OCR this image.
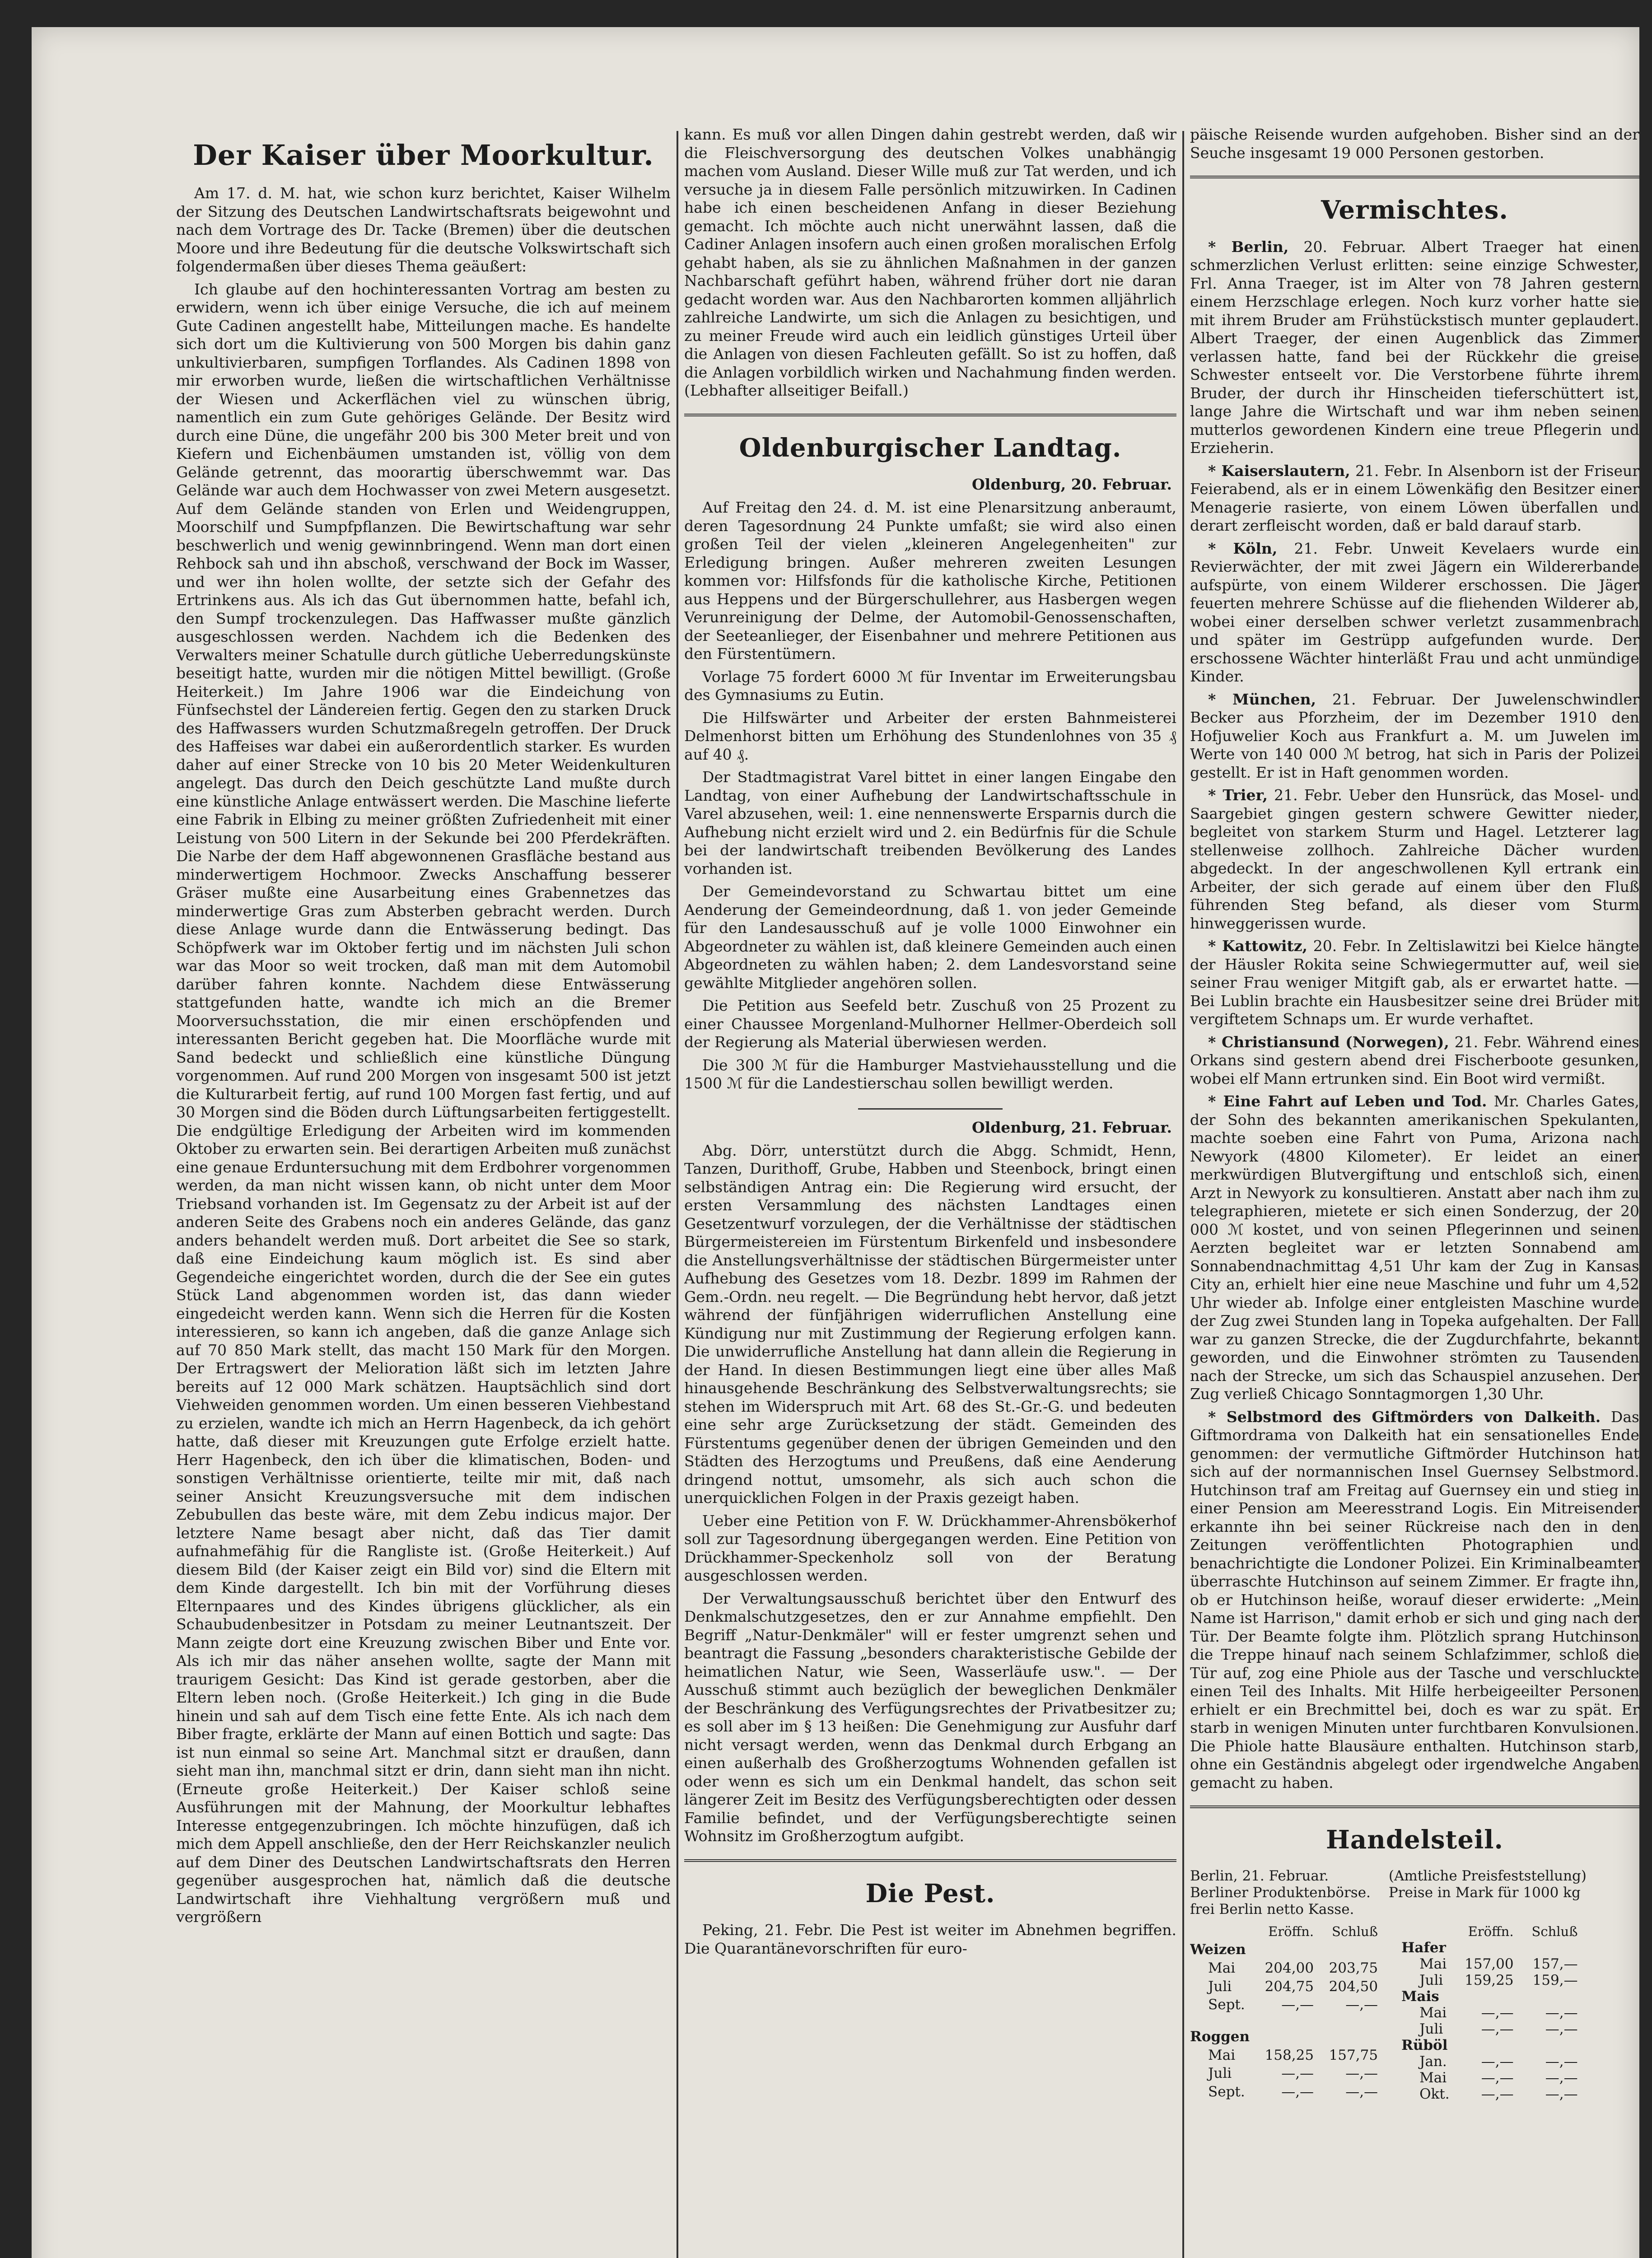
Der Kaiser über Moorkultur.

Am 17. d. M. hat, wie schon kurz berichtet, Kaiser Wilhelm der Sitzung des Deutschen Landwirtschaftsrats beigewohnt und nach dem Vortrage des Dr. Tacke (Bremen) über die deutschen Moore und ihre Bedeutung für die deutsche Volkswirtschaft sich folgendermaßen über dieses Thema geäußert:

Ich glaube auf den hochinteressanten Vortrag am besten zu erwidern, wenn ich über einige Versuche, die ich auf meinem Gute Cadinen angestellt habe, Mitteilungen mache. Es handelte sich dort um die Kultivierung von 500 Morgen bis dahin ganz unkultivierbaren, sumpfigen Torflandes. Als Cadinen 1898 von mir erworben wurde, ließen die wirtschaftlichen Verhältnisse der Wiesen und Ackerflächen viel zu wünschen übrig, namentlich ein zum Gute gehöriges Gelände. Der Besitz wird durch eine Düne, die ungefähr 200 bis 300 Meter breit und von Kiefern und Eichenbäumen umstanden ist, völlig von dem Gelände getrennt, das moorartig überschwemmt war. Das Gelände war auch dem Hochwasser von zwei Metern ausgesetzt. Auf dem Gelände standen von Erlen und Weidengruppen, Moorschilf und Sumpfpflanzen. Die Bewirtschaftung war sehr beschwerlich und wenig gewinnbringend. Wenn man dort einen Rehbock sah und ihn abschoß, verschwand der Bock im Wasser, und wer ihn holen wollte, der setzte sich der Gefahr des Ertrinkens aus. Als ich das Gut übernommen hatte, befahl ich, den Sumpf trockenzulegen. Das Haffwasser mußte gänzlich ausgeschlossen werden. Nachdem ich die Bedenken des Verwalters meiner Schatulle durch gütliche Ueberredungskünste beseitigt hatte, wurden mir die nötigen Mittel bewilligt. (Große Heiterkeit.) Im Jahre 1906 war die Eindeichung von Fünfsechstel der Ländereien fertig. Gegen den zu starken Druck des Haffwassers wurden Schutzmaßregeln getroffen. Der Druck des Haffeises war dabei ein außerordentlich starker. Es wurden daher auf einer Strecke von 10 bis 20 Meter Weidenkulturen angelegt. Das durch den Deich geschützte Land mußte durch eine künstliche Anlage entwässert werden. Die Maschine lieferte eine Fabrik in Elbing zu meiner größten Zufriedenheit mit einer Leistung von 500 Litern in der Sekunde bei 200 Pferdekräften. Die Narbe der dem Haff abgewonnenen Grasfläche bestand aus minderwertigem Hochmoor. Zwecks Anschaffung besserer Gräser mußte eine Ausarbeitung eines Grabennetzes das minderwertige Gras zum Absterben gebracht werden. Durch diese Anlage wurde dann die Entwässerung bedingt. Das Schöpfwerk war im Oktober fertig und im nächsten Juli schon war das Moor so weit trocken, daß man mit dem Automobil darüber fahren konnte. Nachdem diese Entwässerung stattgefunden hatte, wandte ich mich an die Bremer Moorversuchsstation, die mir einen erschöpfenden und interessanten Bericht gegeben hat. Die Moorfläche wurde mit Sand bedeckt und schließlich eine künstliche Düngung vorgenommen. Auf rund 200 Morgen von insgesamt 500 ist jetzt die Kulturarbeit fertig, auf rund 100 Morgen fast fertig, und auf 30 Morgen sind die Böden durch Lüftungsarbeiten fertiggestellt. Die endgültige Erledigung der Arbeiten wird im kommenden Oktober zu erwarten sein. Bei derartigen Arbeiten muß zunächst eine genaue Erduntersuchung mit dem Erdbohrer vorgenommen werden, da man nicht wissen kann, ob nicht unter dem Moor Triebsand vorhanden ist. Im Gegensatz zu der Arbeit ist auf der anderen Seite des Grabens noch ein anderes Gelände, das ganz anders behandelt werden muß. Dort arbeitet die See so stark, daß eine Eindeichung kaum möglich ist. Es sind aber Gegendeiche eingerichtet worden, durch die der See ein gutes Stück Land abgenommen worden ist, das dann wieder eingedeicht werden kann. Wenn sich die Herren für die Kosten interessieren, so kann ich angeben, daß die ganze Anlage sich auf 70 850 Mark stellt, das macht 150 Mark für den Morgen. Der Ertragswert der Melioration läßt sich im letzten Jahre bereits auf 12 000 Mark schätzen. Hauptsächlich sind dort Viehweiden genommen worden. Um einen besseren Viehbestand zu erzielen, wandte ich mich an Herrn Hagenbeck, da ich gehört hatte, daß dieser mit Kreuzungen gute Erfolge erzielt hatte. Herr Hagenbeck, den ich über die klimatischen, Boden- und sonstigen Verhältnisse orientierte, teilte mir mit, daß nach seiner Ansicht Kreuzungsversuche mit dem indischen Zebubullen das beste wäre, mit dem Zebu indicus major. Der letztere Name besagt aber nicht, daß das Tier damit aufnahmefähig für die Rangliste ist. (Große Heiterkeit.) Auf diesem Bild (der Kaiser zeigt ein Bild vor) sind die Eltern mit dem Kinde dargestellt. Ich bin mit der Vorführung dieses Elternpaares und des Kindes übrigens glücklicher, als ein Schaubudenbesitzer in Potsdam zu meiner Leutnantszeit. Der Mann zeigte dort eine Kreuzung zwischen Biber und Ente vor. Als ich mir das näher ansehen wollte, sagte der Mann mit traurigem Gesicht: Das Kind ist gerade gestorben, aber die Eltern leben noch. (Große Heiterkeit.) Ich ging in die Bude hinein und sah auf dem Tisch eine fette Ente. Als ich nach dem Biber fragte, erklärte der Mann auf einen Bottich und sagte: Das ist nun einmal so seine Art. Manchmal sitzt er draußen, dann sieht man ihn, manchmal sitzt er drin, dann sieht man ihn nicht. (Erneute große Heiterkeit.) Der Kaiser schloß seine Ausführungen mit der Mahnung, der Moorkultur lebhaftes Interesse entgegenzubringen. Ich möchte hinzufügen, daß ich mich dem Appell anschließe, den der Herr Reichskanzler neulich auf dem Diner des Deutschen Landwirtschaftsrats den Herren gegenüber ausgesprochen hat, nämlich daß die deutsche Landwirtschaft ihre Viehhaltung vergrößern muß und vergrößern

kann. Es muß vor allen Dingen dahin gestrebt werden, daß wir die Fleischversorgung des deutschen Volkes unabhängig machen vom Ausland. Dieser Wille muß zur Tat werden, und ich versuche ja in diesem Falle persönlich mitzuwirken. In Cadinen habe ich einen bescheidenen Anfang in dieser Beziehung gemacht. Ich möchte auch nicht unerwähnt lassen, daß die Cadiner Anlagen insofern auch einen großen moralischen Erfolg gehabt haben, als sie zu ähnlichen Maßnahmen in der ganzen Nachbarschaft geführt haben, während früher dort nie daran gedacht worden war. Aus den Nachbarorten kommen alljährlich zahlreiche Landwirte, um sich die Anlagen zu besichtigen, und zu meiner Freude wird auch ein leidlich günstiges Urteil über die Anlagen von diesen Fachleuten gefällt. So ist zu hoffen, daß die Anlagen vorbildlich wirken und Nachahmung finden werden. (Lebhafter allseitiger Beifall.)

Oldenburgischer Landtag.
Oldenburg, 20. Februar.

Auf Freitag den 24. d. M. ist eine Plenarsitzung anberaumt, deren Tagesordnung 24 Punkte umfaßt; sie wird also einen großen Teil der vielen „kleineren Angelegenheiten" zur Erledigung bringen. Außer mehreren zweiten Lesungen kommen vor: Hilfsfonds für die katholische Kirche, Petitionen aus Heppens und der Bürgerschullehrer, aus Hasbergen wegen Verunreinigung der Delme, der Automobil-Genossenschaften, der Seeteanlieger, der Eisenbahner und mehrere Petitionen aus den Fürstentümern.

Vorlage 75 fordert 6000 ℳ für Inventar im Erweiterungsbau des Gymnasiums zu Eutin.

Die Hilfswärter und Arbeiter der ersten Bahnmeisterei Delmenhorst bitten um Erhöhung des Stundenlohnes von 35 ₰ auf 40 ₰.

Der Stadtmagistrat Varel bittet in einer langen Eingabe den Landtag, von einer Aufhebung der Landwirtschaftsschule in Varel abzusehen, weil: 1. eine nennenswerte Ersparnis durch die Aufhebung nicht erzielt wird und 2. ein Bedürfnis für die Schule bei der landwirtschaft treibenden Bevölkerung des Landes vorhanden ist.

Der Gemeindevorstand zu Schwartau bittet um eine Aenderung der Gemeindeordnung, daß 1. von jeder Gemeinde für den Landesausschuß auf je volle 1000 Einwohner ein Abgeordneter zu wählen ist, daß kleinere Gemeinden auch einen Abgeordneten zu wählen haben; 2. dem Landesvorstand seine gewählte Mitglieder angehören sollen.

Die Petition aus Seefeld betr. Zuschuß von 25 Prozent zu einer Chaussee Morgenland-Mulhorner Hellmer-Oberdeich soll der Regierung als Material überwiesen werden.

Die 300 ℳ für die Hamburger Mastviehausstellung und die 1500 ℳ für die Landestierschau sollen bewilligt werden.

Oldenburg, 21. Februar.

Abg. Dörr, unterstützt durch die Abgg. Schmidt, Henn, Tanzen, Durithoff, Grube, Habben und Steenbock, bringt einen selbständigen Antrag ein: Die Regierung wird ersucht, der ersten Versammlung des nächsten Landtages einen Gesetzentwurf vorzulegen, der die Verhältnisse der städtischen Bürgermeistereien im Fürstentum Birkenfeld und insbesondere die Anstellungsverhältnisse der städtischen Bürgermeister unter Aufhebung des Gesetzes vom 18. Dezbr. 1899 im Rahmen der Gem.-Ordn. neu regelt. — Die Begründung hebt hervor, daß jetzt während der fünfjährigen widerruflichen Anstellung eine Kündigung nur mit Zustimmung der Regierung erfolgen kann. Die unwiderrufliche Anstellung hat dann allein die Regierung in der Hand. In diesen Bestimmungen liegt eine über alles Maß hinausgehende Beschränkung des Selbstverwaltungsrechts; sie stehen im Widerspruch mit Art. 68 des St.-Gr.-G. und bedeuten eine sehr arge Zurücksetzung der städt. Gemeinden des Fürstentums gegenüber denen der übrigen Gemeinden und den Städten des Herzogtums und Preußens, daß eine Aenderung dringend nottut, umsomehr, als sich auch schon die unerquicklichen Folgen in der Praxis gezeigt haben.

Ueber eine Petition von F. W. Drückhammer-Ahrensbökerhof soll zur Tagesordnung übergegangen werden. Eine Petition von Drückhammer-Speckenholz soll von der Beratung ausgeschlossen werden.

Der Verwaltungsausschuß berichtet über den Entwurf des Denkmalschutzgesetzes, den er zur Annahme empfiehlt. Den Begriff „Natur-Denkmäler" will er fester umgrenzt sehen und beantragt die Fassung „besonders charakteristische Gebilde der heimatlichen Natur, wie Seen, Wasserläufe usw.". — Der Ausschuß stimmt auch bezüglich der beweglichen Denkmäler der Beschränkung des Verfügungsrechtes der Privatbesitzer zu; es soll aber im § 13 heißen: Die Genehmigung zur Ausfuhr darf nicht versagt werden, wenn das Denkmal durch Erbgang an einen außerhalb des Großherzogtums Wohnenden gefallen ist oder wenn es sich um ein Denkmal handelt, das schon seit längerer Zeit im Besitz des Verfügungsberechtigten oder dessen Familie befindet, und der Verfügungsberechtigte seinen Wohnsitz im Großherzogtum aufgibt.

Die Pest.

Peking, 21. Febr. Die Pest ist weiter im Abnehmen begriffen. Die Quarantänevorschriften für euro-

päische Reisende wurden aufgehoben. Bisher sind an der Seuche insgesamt 19 000 Personen gestorben.

Vermischtes.

* Berlin, 20. Februar. Albert Traeger hat einen schmerzlichen Verlust erlitten: seine einzige Schwester, Frl. Anna Traeger, ist im Alter von 78 Jahren gestern einem Herzschlage erlegen. Noch kurz vorher hatte sie mit ihrem Bruder am Frühstückstisch munter geplaudert. Albert Traeger, der einen Augenblick das Zimmer verlassen hatte, fand bei der Rückkehr die greise Schwester entseelt vor. Die Verstorbene führte ihrem Bruder, der durch ihr Hinscheiden tieferschüttert ist, lange Jahre die Wirtschaft und war ihm neben seinen mutterlos gewordenen Kindern eine treue Pflegerin und Erzieherin.

* Kaiserslautern, 21. Febr. In Alsenborn ist der Friseur Feierabend, als er in einem Löwenkäfig den Besitzer einer Menagerie rasierte, von einem Löwen überfallen und derart zerfleischt worden, daß er bald darauf starb.

* Köln, 21. Febr. Unweit Kevelaers wurde ein Revierwächter, der mit zwei Jägern ein Wildererbande aufspürte, von einem Wilderer erschossen. Die Jäger feuerten mehrere Schüsse auf die fliehenden Wilderer ab, wobei einer derselben schwer verletzt zusammenbrach und später im Gestrüpp aufgefunden wurde. Der erschossene Wächter hinterläßt Frau und acht unmündige Kinder.

* München, 21. Februar. Der Juwelenschwindler Becker aus Pforzheim, der im Dezember 1910 den Hofjuwelier Koch aus Frankfurt a. M. um Juwelen im Werte von 140 000 ℳ betrog, hat sich in Paris der Polizei gestellt. Er ist in Haft genommen worden.

* Trier, 21. Febr. Ueber den Hunsrück, das Mosel- und Saargebiet gingen gestern schwere Gewitter nieder, begleitet von starkem Sturm und Hagel. Letzterer lag stellenweise zollhoch. Zahlreiche Dächer wurden abgedeckt. In der angeschwollenen Kyll ertrank ein Arbeiter, der sich gerade auf einem über den Fluß führenden Steg befand, als dieser vom Sturm hinweggerissen wurde.

* Kattowitz, 20. Febr. In Zeltislawitzi bei Kielce hängte der Häusler Rokita seine Schwiegermutter auf, weil sie seiner Frau weniger Mitgift gab, als er erwartet hatte. — Bei Lublin brachte ein Hausbesitzer seine drei Brüder mit vergiftetem Schnaps um. Er wurde verhaftet.

* Christiansund (Norwegen), 21. Febr. Während eines Orkans sind gestern abend drei Fischerboote gesunken, wobei elf Mann ertrunken sind. Ein Boot wird vermißt.

* Eine Fahrt auf Leben und Tod. Mr. Charles Gates, der Sohn des bekannten amerikanischen Spekulanten, machte soeben eine Fahrt von Puma, Arizona nach Newyork (4800 Kilometer). Er leidet an einer merkwürdigen Blutvergiftung und entschloß sich, einen Arzt in Newyork zu konsultieren. Anstatt aber nach ihm zu telegraphieren, mietete er sich einen Sonderzug, der 20 000 ℳ kostet, und von seinen Pflegerinnen und seinen Aerzten begleitet war er letzten Sonnabend am Sonnabendnachmittag 4,51 Uhr kam der Zug in Kansas City an, erhielt hier eine neue Maschine und fuhr um 4,52 Uhr wieder ab. Infolge einer entgleisten Maschine wurde der Zug zwei Stunden lang in Topeka aufgehalten. Der Fall war zu ganzen Strecke, die der Zugdurchfahrte, bekannt geworden, und die Einwohner strömten zu Tausenden nach der Strecke, um sich das Schauspiel anzusehen. Der Zug verließ Chicago Sonntagmorgen 1,30 Uhr.

* Selbstmord des Giftmörders von Dalkeith. Das Giftmordrama von Dalkeith hat ein sensationelles Ende genommen: der vermutliche Giftmörder Hutchinson hat sich auf der normannischen Insel Guernsey Selbstmord. Hutchinson traf am Freitag auf Guernsey ein und stieg in einer Pension am Meeresstrand Logis. Ein Mitreisender erkannte ihn bei seiner Rückreise nach den in den Zeitungen veröffentlichten Photographien und benachrichtigte die Londoner Polizei. Ein Kriminalbeamter überraschte Hutchinson auf seinem Zimmer. Er fragte ihn, ob er Hutchinson heiße, worauf dieser erwiderte: „Mein Name ist Harrison," damit erhob er sich und ging nach der Tür. Der Beamte folgte ihm. Plötzlich sprang Hutchinson die Treppe hinauf nach seinem Schlafzimmer, schloß die Tür auf, zog eine Phiole aus der Tasche und verschluckte einen Teil des Inhalts. Mit Hilfe herbeigeeilter Personen erhielt er ein Brechmittel bei, doch es war zu spät. Er starb in wenigen Minuten unter furchtbaren Konvulsionen. Die Phiole hatte Blausäure enthalten. Hutchinson starb, ohne ein Geständnis abgelegt oder irgendwelche Angaben gemacht zu haben.

Handelsteil.
Berlin, 21. Februar. Berliner Produktenbörse. frei Berlin netto Kasse. (Amtliche Preisfeststellung) Preise in Mark für 1000 kg
	Eröffn.	Schluß
Weizen		
Mai	204,00	203,75
Juli	204,75	204,50
Sept.	—,—	—,—

Roggen		
Mai	158,25	157,75
Juli	—,—	—,—
Sept.	—,—	—,—
	Eröffn.	Schluß
Hafer		
Mai	157,00	157,—
Juli	159,25	159,—
Mais		
Mai	—,—	—,—
Juli	—,—	—,—
Rüböl		
Jan.	—,—	—,—
Mai	—,—	—,—
Okt.	—,—	—,—
